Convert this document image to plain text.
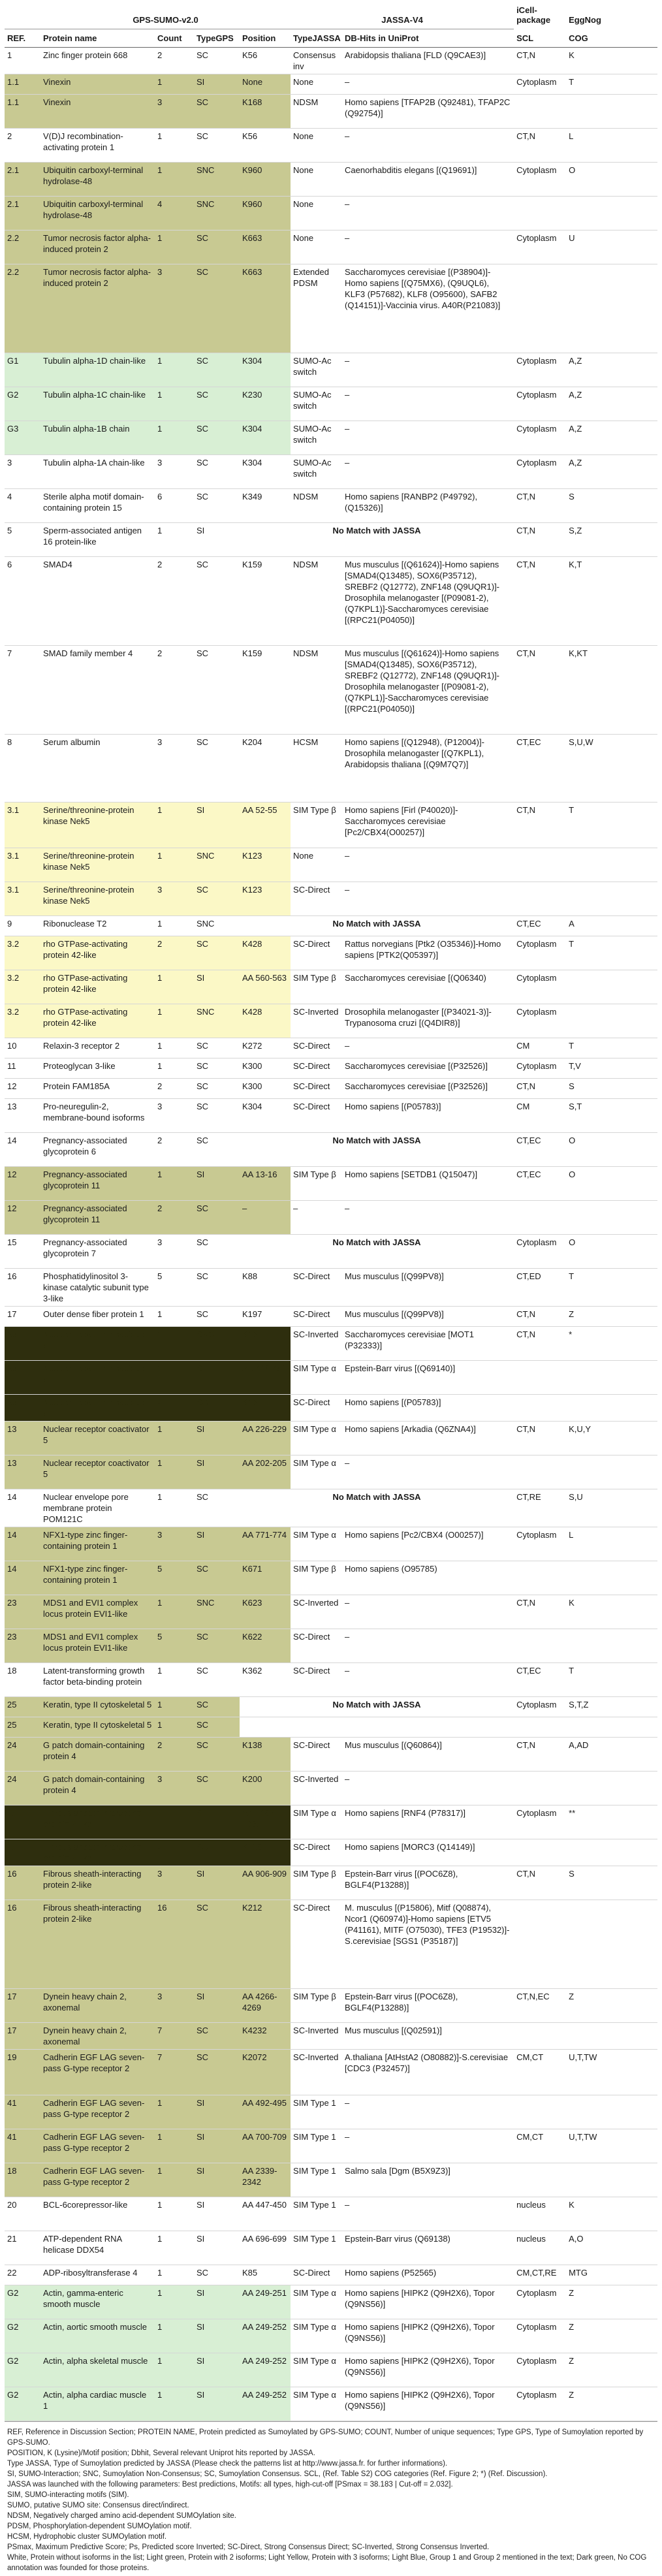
	GPS-SUMO-v2.0				JASSA-V4		iCell-package	EggNog
REF.	Protein name	Count	TypeGPS	Position	TypeJASSA	DB-Hits in UniProt	SCL	COG
1	Zinc finger protein 668	2	SC	K56	Consensus inv	Arabidopsis thaliana [FLD (Q9CAE3)]	CT,N	K
1.1	Vinexin	1	SI	None	None	–	Cytoplasm	T
1.1	Vinexin	3	SC	K168	NDSM	Homo sapiens [TFAP2B (Q92481), TFAP2C (Q92754)]		
2	V(D)J recombination-activating protein 1	1	SC	K56	None	–	CT,N	L
2.1	Ubiquitin carboxyl-terminal hydrolase-48	1	SNC	K960	None	Caenorhabditis elegans [(Q19691)]	Cytoplasm	O
2.1	Ubiquitin carboxyl-terminal hydrolase-48	4	SNC	K960	None	–		
2.2	Tumor necrosis factor alpha-induced protein 2	1	SC	K663	None	–	Cytoplasm	U
2.2	Tumor necrosis factor alpha-induced protein 2	3	SC	K663	Extended PDSM	Saccharomyces cerevisiae [(P38904)]-Homo sapiens [(Q75MX6), (Q9UQL6), KLF3 (P57682), KLF8 (O95600), SAFB2 (Q14151)]-Vaccinia virus. A40R(P21083)]		
G1	Tubulin alpha-1D chain-like	1	SC	K304	SUMO-Ac switch	–	Cytoplasm	A,Z
G2	Tubulin alpha-1C chain-like	1	SC	K230	SUMO-Ac switch	–	Cytoplasm	A,Z
G3	Tubulin alpha-1B chain	1	SC	K304	SUMO-Ac switch	–	Cytoplasm	A,Z
3	Tubulin alpha-1A chain-like	3	SC	K304	SUMO-Ac switch	–	Cytoplasm	A,Z
4	Sterile alpha motif domain-containing protein 15	6	SC	K349	NDSM	Homo sapiens [RANBP2 (P49792), (Q15326)]	CT,N	S
5	Sperm-associated antigen 16 protein-like	1	SI	No Match with JASSA			CT,N	S,Z
6	SMAD4	2	SC	K159	NDSM	Mus musculus [(Q61624)]-Homo sapiens [SMAD4(Q13485), SOX6(P35712), SREBF2 (Q12772), ZNF148 (Q9UQR1)]-Drosophila melanogaster [(P09081-2), (Q7KPL1)]-Saccharomyces cerevisiae [(RPC21(P04050)]	CT,N	K,T
7	SMAD family member 4	2	SC	K159	NDSM	Mus musculus [(Q61624)]-Homo sapiens [SMAD4(Q13485), SOX6(P35712), SREBF2 (Q12772), ZNF148 (Q9UQR1)]-Drosophila melanogaster [(P09081-2), (Q7KPL1)]-Saccharomyces cerevisiae [(RPC21(P04050)]	CT,N	K,KT
8	Serum albumin	3	SC	K204	HCSM	Homo sapiens [(Q12948), (P12004)]-Drosophila melanogaster [(Q7KPL1), Arabidopsis thaliana [(Q9M7Q7)]	CT,EC	S,U,W
3.1	Serine/threonine-protein kinase Nek5	1	SI	AA 52-55	SIM Type β	Homo sapiens [Firl (P40020)]-Saccharomyces cerevisiae [Pc2/CBX4(O00257)]	CT,N	T
3.1	Serine/threonine-protein kinase Nek5	1	SNC	K123	None	–		
3.1	Serine/threonine-protein kinase Nek5	3	SC	K123	SC-Direct	–		
9	Ribonuclease T2	1	SNC	No Match with JASSA			CT,EC	A
3.2	rho GTPase-activating protein 42-like	2	SC	K428	SC-Direct	Rattus norvegians [Ptk2 (O35346)]-Homo sapiens [PTK2(Q05397)]	Cytoplasm	T
3.2	rho GTPase-activating protein 42-like	1	SI	AA 560-563	SIM Type β	Saccharomyces cerevisiae [(Q06340)	Cytoplasm	
3.2	rho GTPase-activating protein 42-like	1	SNC	K428	SC-Inverted	Drosophila melanogaster [(P34021-3)]-Trypanosoma cruzi [(Q4DIR8)]	Cytoplasm	
10	Relaxin-3 receptor 2	1	SC	K272	SC-Direct	–	CM	T
11	Proteoglycan 3-like	1	SC	K300	SC-Direct	Saccharomyces cerevisiae [(P32526)]	Cytoplasm	T,V
12	Protein FAM185A	2	SC	K300	SC-Direct	Saccharomyces cerevisiae [(P32526)]	CT,N	S
13	Pro-neuregulin-2, membrane-bound isoforms	3	SC	K304	SC-Direct	Homo sapiens [(P05783)]	CM	S,T
14	Pregnancy-associated glycoprotein 6	2	SC	No Match with JASSA			CT,EC	O
12	Pregnancy-associated glycoprotein 11	1	SI	AA 13-16	SIM Type β	Homo sapiens [SETDB1 (Q15047)]	CT,EC	O
12	Pregnancy-associated glycoprotein 11	2	SC	–	–	–		
15	Pregnancy-associated glycoprotein 7	3	SC	No Match with JASSA			Cytoplasm	O
16	Phosphatidylinositol 3-kinase catalytic subunit type 3-like	5	SC	K88	SC-Direct	Mus musculus [(Q99PV8)]	CT,ED	T
17	Outer dense fiber protein 1	1	SC	K197	SC-Direct	Mus musculus [(Q99PV8)]	CT,N	Z
33	Nuclear receptor coactivator 5	1	SNC	K13	SC-Inverted	Saccharomyces cerevisiae [MOT1 (P32333)]	CT,N	*
33	Nuclear receptor coactivator 5	1	SI	AA 448-451	SIM Type α	Epstein-Barr virus [(Q69140)]		
33	Nuclear receptor coactivator 5	2	SC	K13	SC-Direct	Homo sapiens [(P05783)]		
13	Nuclear receptor coactivator 5	1	SI	AA 226-229	SIM Type α	Homo sapiens [Arkadia (Q6ZNA4)]	CT,N	K,U,Y
13	Nuclear receptor coactivator 5	1	SI	AA 202-205	SIM Type α	–		
14	Nuclear envelope pore membrane protein POM121C	1	SC	No Match with JASSA			CT,RE	S,U
14	NFX1-type zinc finger-containing protein 1	3	SI	AA 771-774	SIM Type α	Homo sapiens [Pc2/CBX4 (O00257)]	Cytoplasm	L
14	NFX1-type zinc finger-containing protein 1	5	SC	K671	SIM Type β	Homo sapiens (O95785)		
23	MDS1 and EVI1 complex locus protein EVI1-like	1	SNC	K623	SC-Inverted	–	CT,N	K
23	MDS1 and EVI1 complex locus protein EVI1-like	5	SC	K622	SC-Direct	–		
18	Latent-transforming growth factor beta-binding protein	1	SC	K362	SC-Direct	–	CT,EC	T
25	Keratin, type II cytoskeletal 5	1	SC	No Match with JASSA			Cytoplasm	S,T,Z
25	Keratin, type II cytoskeletal 5	1	SC					
24	G patch domain-containing protein 4	2	SC	K138	SC-Direct	Mus musculus [(Q60864)]	CT,N	A,AD
24	G patch domain-containing protein 4	3	SC	K200	SC-Inverted	–		
15	Fibrous sheath-interacting protein 2-like	1	SI	AA 1083-1086	SIM Type α	Homo sapiens [RNF4 (P78317)]	Cytoplasm	**
15	Fibrous sheath-interacting protein 2-like	2	SC	K1083	SC-Direct	Homo sapiens [MORC3 (Q14149)]		
16	Fibrous sheath-interacting protein 2-like	3	SI	AA 906-909	SIM Type β	Epstein-Barr virus [(POC6Z8), BGLF4(P13288)]	CT,N	S
16	Fibrous sheath-interacting protein 2-like	16	SC	K212	SC-Direct	M. musculus [(P15806), Mitf (Q08874), Ncor1 (Q60974)]-Homo sapiens [ETV5 (P41161), MITF (O75030), TFE3 (P19532)]-S.cerevisiae [SGS1 (P35187)]		
17	Dynein heavy chain 2, axonemal	3	SI	AA 4266-4269	SIM Type β	Epstein-Barr virus [(POC6Z8), BGLF4(P13288)]	CT,N,EC	Z
17	Dynein heavy chain 2, axonemal	7	SC	K4232	SC-Inverted	Mus musculus [(Q02591)]		
19	Cadherin EGF LAG seven-pass G-type receptor 2	7	SC	K2072	SC-Inverted	A.thaliana [AtHstA2 (O80882)]-S.cerevisiae [CDC3 (P32457)]	CM,CT	U,T,TW
41	Cadherin EGF LAG seven-pass G-type receptor 2	1	SI	AA 492-495	SIM Type 1	–		
41	Cadherin EGF LAG seven-pass G-type receptor 2	1	SI	AA 700-709	SIM Type 1	–	CM,CT	U,T,TW
18	Cadherin EGF LAG seven-pass G-type receptor 2	1	SI	AA 2339-2342	SIM Type 1	Salmo sala [Dgm (B5X9Z3)]		
20	BCL-6corepressor-like	1	SI	AA 447-450	SIM Type 1	–	nucleus	K
21	ATP-dependent RNA helicase DDX54	1	SI	AA 696-699	SIM Type 1	Epstein-Barr virus (Q69138)	nucleus	A,O
22	ADP-ribosyltransferase 4	1	SC	K85	SC-Direct	Homo sapiens (P52565)	CM,CT,RE	MTG
G2	Actin, gamma-enteric smooth muscle	1	SI	AA 249-251	SIM Type α	Homo sapiens [HIPK2 (Q9H2X6), Topor (Q9NS56)]	Cytoplasm	Z
G2	Actin, aortic smooth muscle	1	SI	AA 249-252	SIM Type α	Homo sapiens [HIPK2 (Q9H2X6), Topor (Q9NS56)]	Cytoplasm	Z
G2	Actin, alpha skeletal muscle	1	SI	AA 249-252	SIM Type α	Homo sapiens [HIPK2 (Q9H2X6), Topor (Q9NS56)]	Cytoplasm	Z
G2	Actin, alpha cardiac muscle 1	1	SI	AA 249-252	SIM Type α	Homo sapiens [HIPK2 (Q9H2X6), Topor (Q9NS56)]	Cytoplasm	Z
REF, Reference in Discussion Section; PROTEIN NAME, Protein predicted as Sumoylated by GPS-SUMO; COUNT, Number of unique sequences; Type GPS, Type of Sumoylation reported by GPS-SUMO.
POSITION, K (Lysine)/Motif position; Dbhit, Several relevant Uniprot hits reported by JASSA.
Type JASSA, Type of Sumoylation predicted by JASSA (Please check the patterns list at http://www.jassa.fr. for further informations).
SI, SUMO-Interaction; SNC, Sumoylation Non-Consensus; SC, Sumoylation Consensus. SCL, (Ref. Table S2) COG categories (Ref. Figure 2; *) (Ref. Discussion).
JASSA was launched with the following parameters: Best predictions, Motifs: all types, high-cut-off [PSmax = 38.183 | Cut-off = 2.032].
SIM, SUMO-interacting motifs (SIM).
SUMO, putative SUMO site: Consensus direct/indirect.
NDSM, Negatively charged amino acid-dependent SUMOylation site.
PDSM, Phosphorylation-dependent SUMOylation motif.
HCSM, Hydrophobic cluster SUMOylation motif.
PSmax, Maximum Predictive Score; Ps, Predicted score Inverted; SC-Direct, Strong Consensus Direct; SC-Inverted, Strong Consensus Inverted.
White, Protein without isoforms in the list; Light green, Protein with 2 isoforms; Light Yellow, Protein with 3 isoforms; Light Blue, Group 1 and Group 2 mentioned in the text; Dark green, No COG annotation was founded for those proteins.
